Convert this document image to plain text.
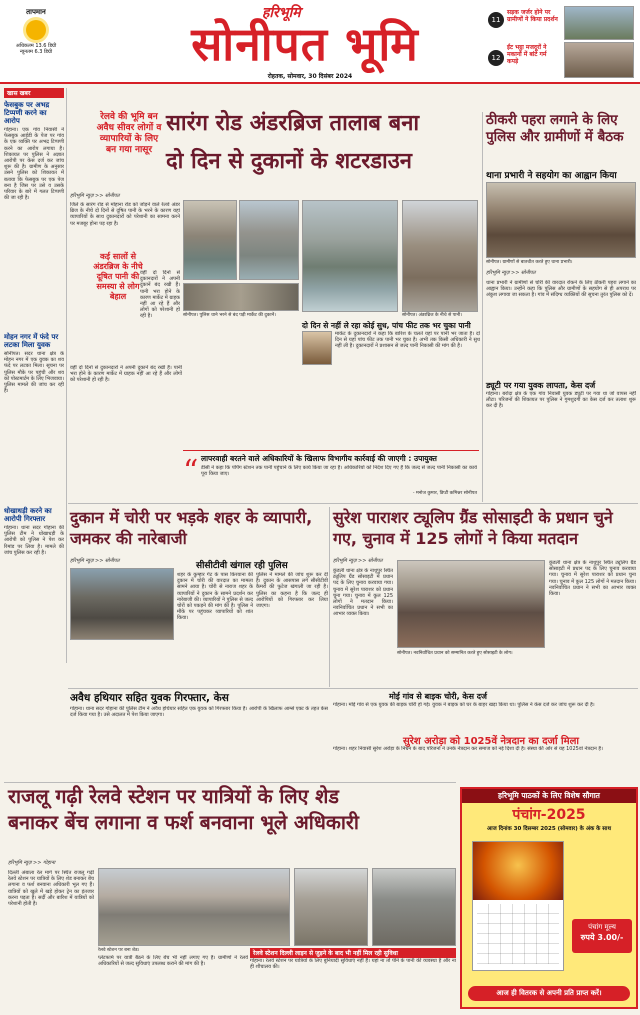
तापमान
अधिकतम 13.6 डिग्री
न्यूनतम 6.3 डिग्री
हरिभूमि
सोनीपत भूमि
रोहतक, सोमवार, 30 दिसंबर 2024
11
सड़क जर्जर होने पर ग्रामीणों ने किया प्रदर्शन
12
ईंट भट्ठा मजदूरों ने मकानों में बांटे गर्म कपड़े
खास खबर
फेसबुक पर अभद्र टिप्पणी करने का आरोप
गोहाना। एक गांव निवासी ने फेसबुक आईडी के पेज पर गांव के एक व्यक्ति पर अभद्र टिप्पणी करने का आरोप लगाया है। शिकायत पर पुलिस ने अज्ञात आरोपी पर केस दर्ज कर जांच शुरू की है। ग्रामीण के अनुसार उसने पुलिस को शिकायत में बताया कि फेसबुक पर एक पेज बना है जिस पर उसे व उसके परिवार के बारे में गलत टिप्पणी की जा रही है।
मोहन नगर में फंदे पर लटका मिला युवक
सोनीपत। सदर थाना क्षेत्र के मोहन नगर में एक युवक का शव फंदे पर लटका मिला। सूचना पर पुलिस मौके पर पहुंची और शव को पोस्टमार्टम के लिए भिजवाया। पुलिस मामले की जांच कर रही है।
धोखाधड़ी करने का आरोपी गिरफ्तार
गोहाना। थाना सदर गोहाना की पुलिस टीम ने धोखाधड़ी के आरोपी को पुलिस ने पेश कर रिमांड पर लिया है। मामले की जांच पुलिस कर रही है।
रेलवे की भूमि बन अवैध सीवर लोगों व व्यापारियों के लिए बन गया नासूर
सारंग रोड अंडरब्रिज तालाब बना
दो दिन से दुकानों के शटरडाउन
हरिभूमि न्यूज़ >> सोनीपत
जिले के सारंग रोड से मोहाना रोड को जोड़ने वाले रेलवे अंडर ब्रिज के नीचे दो दिनों से दूषित पानी के भरने के कारण यहां व्यापारियों के साथ दुकानदारों को परेशानी का सामना करने पर मजबूर होना पड़ रहा है।
कई सालों से अंडरब्रिज के नीचे दूषित पानी की समस्या से लोग बेहाल
वहीं दो दिनों से दुकानदारों ने अपनी दुकानें बंद रखी हैं। पानी भरा होने के कारण मार्केट में ग्राहक नहीं आ रहे हैं और लोगों को परेशानी हो रही है।
सोनीपत। पुलिस थाने भरने से बंद पड़ी मार्केट की दुकानें।
वहीं दो दिनों से दुकानदारों ने अपनी दुकानें बंद रखी हैं। पानी भरा होने के कारण मार्केट में ग्राहक नहीं आ रहे हैं और लोगों को परेशानी हो रही है।	सोनीपत। अंडरब्रिज के नीचे से पानी।
दो दिन से नहीं ले रहा कोई सुध, पांच फीट तक भर चुका पानी
मार्केट के दुकानदारों ने कहा कि बारिश के चलते यहां पर पानी भर जाता है। दो दिन से यहां पांच फीट तक पानी भर चुका है। अभी तक किसी अधिकारी ने सुध नहीं ली है। दुकानदारों ने प्रशासन से जल्द पानी निकासी की मांग की है।
“ लापरवाही बरतने वाले अधिकारियों के खिलाफ विभागीय कार्रवाई की जाएगी : उपायुक्त
डीसी ने कहा कि पंपिंग स्टेशन तक पानी पहुंचाने के लिए कार्य किया जा रहा है। अधिकारियों को निर्देश दिए गए हैं कि जल्द से जल्द पानी निकासी का कार्य पूरा किया जाए।
- मनोज कुमार, डिप्टी कमिश्नर सोनीपत
ठीकरी पहरा लगाने के लिए पुलिस और ग्रामीणों में बैठक
थाना प्रभारी ने सहयोग का आह्वान किया
सोनीपत। ग्रामीणों से बातचीत करते हुए थाना प्रभारी।
हरिभूमि न्यूज़ >> सोनीपत
थाना प्रभारी ने ग्रामीणों से चोरी की वारदात रोकने के लिए ठीकरी पहरा लगाने का आह्वान किया। उन्होंने कहा कि पुलिस और ग्रामीणों के सहयोग से ही अपराध पर अंकुश लगाया जा सकता है। गांव में संदिग्ध व्यक्तियों की सूचना तुरंत पुलिस को दें।
ड्यूटी पर गया युवक लापता, केस दर्ज
गोहाना। बरोदा क्षेत्र के एक गांव निवासी युवक ड्यूटी पर गया था जो वापस नहीं लौटा। परिजनों की शिकायत पर पुलिस ने गुमशुदगी का केस दर्ज कर तलाश शुरू कर दी है।
दुकान में चोरी पर भड़के शहर के व्यापारी, जमकर की नारेबाजी
सुरेश पाराशर ट्यूलिप ग्रैंड सोसाइटी के प्रधान चुने गए, चुनाव में 125 लोगों ने किया मतदान
हरिभूमि न्यूज़ >> सोनीपत	सीसीटीवी खंगाल रही पुलिस
शहर के कुम्हार गेट के पास किरयाना की दुकान में चोरी की वारदात का मामला सामने आया है। चोरी से नाराज शहर के व्यापारियों ने दुकान के सामने प्रदर्शन कर नारेबाजी की। व्यापारियों ने पुलिस से जल्द चोरों को पकड़ने की मांग की है। पुलिस ने मौके पर पहुंचकर व्यापारियों को शांत किया।
पुलिस ने मामले की जांच शुरू कर दी है। दुकान के आसपास लगे सीसीटीवी कैमरों की फुटेज खंगाली जा रही है। पुलिस का कहना है कि जल्द ही आरोपियों को गिरफ्तार कर लिया जाएगा।
हरिभूमि न्यूज़ >> सोनीपत
कुंडली थाना क्षेत्र के नाथूपुर स्थित ट्यूलिप ग्रैंड सोसाइटी में प्रधान पद के लिए चुनाव करवाया गया। चुनाव में सुरेश पाराशर को प्रधान चुना गया। चुनाव में कुल 125 लोगों ने मतदान किया। नवनिर्वाचित प्रधान ने सभी का आभार व्यक्त किया।
सोनीपत। नवनिर्वाचित प्रधान को सम्मानित करते हुए सोसाइटी के लोग।
कुंडली थाना क्षेत्र के नाथूपुर स्थित ट्यूलिप ग्रैंड सोसाइटी में प्रधान पद के लिए चुनाव करवाया गया। चुनाव में सुरेश पाराशर को प्रधान चुना गया। चुनाव में कुल 125 लोगों ने मतदान किया। नवनिर्वाचित प्रधान ने सभी का आभार व्यक्त किया।
अवैध हथियार सहित युवक गिरफ्तार, केस
गोहाना। थाना सदर गोहाना की पुलिस टीम ने अवैध हथियार सहित एक युवक को गिरफ्तार किया है। आरोपी के खिलाफ आर्म्स एक्ट के तहत केस दर्ज किया गया है। उसे अदालत में पेश किया जाएगा।
मोई गांव से बाइक चोरी, केस दर्ज
गोहाना। मोई गांव से एक युवक की बाइक चोरी हो गई। युवक ने बाइक को घर के बाहर खड़ा किया था। पुलिस ने केस दर्ज कर जांच शुरू कर दी है।
सुरेश अरोड़ा को 1025वें नेत्रदान का दर्जा मिला
गोहाना। शहर निवासी सुरेश अरोड़ा के निधन के बाद परिजनों ने उनके नेत्रदान कर समाज को नई दिशा दी है। संस्था की ओर से यह 1025वां नेत्रदान है।
राजलू गढ़ी रेलवे स्टेशन पर यात्रियों के लिए शेड
बनाकर बेंच लगाना व फर्श बनवाना भूले अधिकारी
हरिभूमि न्यूज़ >> गोहाना
दिल्ली अंबाला रेल मार्ग पर स्थित राजलू गढ़ी रेलवे स्टेशन पर यात्रियों के लिए शेड बनाकर बेंच लगाना व फर्श बनवाना अधिकारी भूल गए हैं। यात्रियों को खुले में खड़े होकर ट्रेन का इंतजार करना पड़ता है। सर्दी और बारिश में यात्रियों को परेशानी होती है।
रेलवे स्टेशन पर बना शेड।
प्लेटफार्म पर यात्री बैठने के लिए बेंच भी नहीं लगाए गए हैं। ग्रामीणों ने रेलवे अधिकारियों से जल्द सुविधाएं उपलब्ध कराने की मांग की है।
रेलवे स्टेशन दिल्ली लाइन से जुड़ने के बाद भी नहीं मिल रही सुविधा
गोहाना। रेलवे स्टेशन पर यात्रियों के लिए बुनियादी सुविधाएं नहीं हैं। यहां ना तो पीने के पानी की व्यवस्था है और ना ही शौचालय की।
हरिभूमि पाठकों के लिए विशेष सौगात
पंचांग-2025
आज दिनांक 30 दिसम्बर 2025 (सोमवार) के अंक के साथ
पंचांग मूल्य
रुपये 3.00/-
आज ही वितरक से अपनी प्रति प्राप्त करें।
